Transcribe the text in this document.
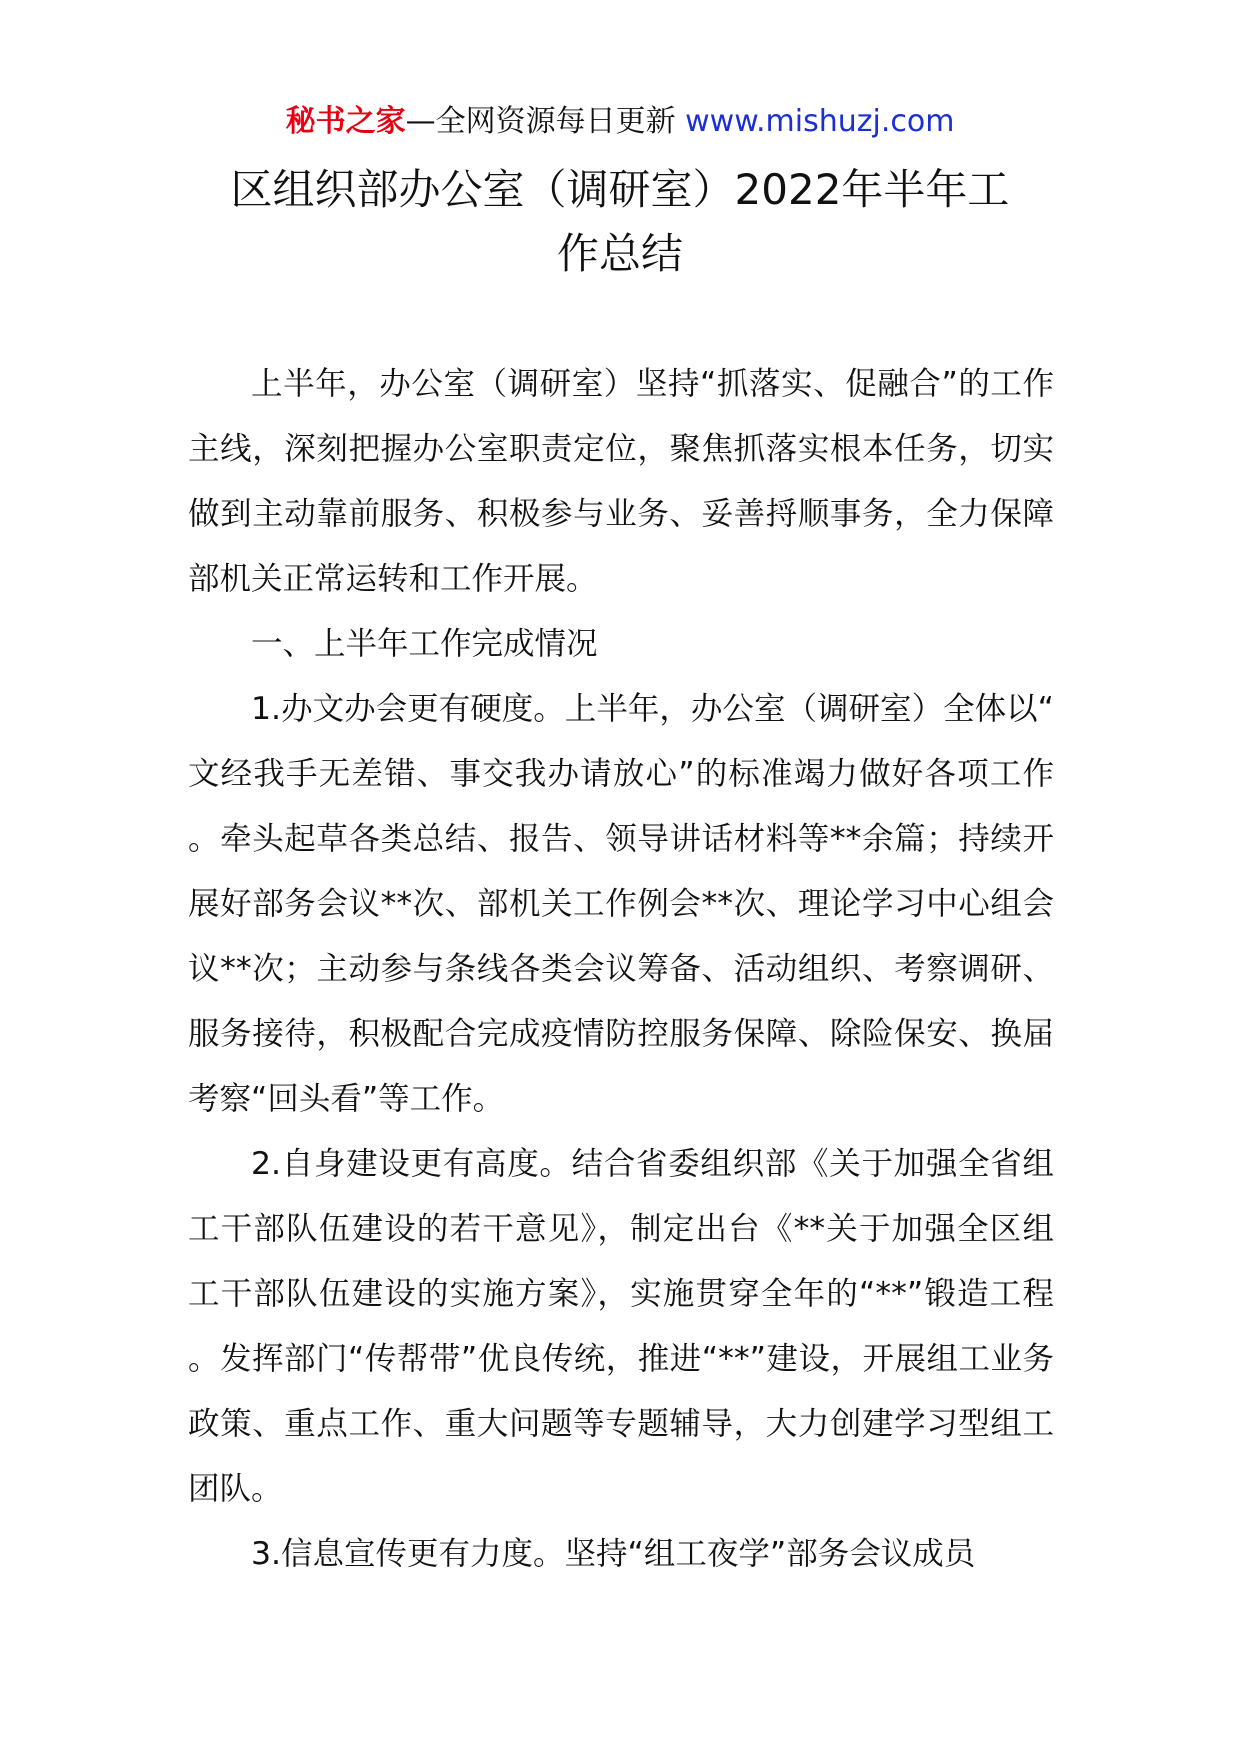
秘书之家—全网资源每日更新 www.mishuzj.com
区组织部办公室（调研室）2022年半年工
作总结

上半年，办公室（调研室）坚持“抓落实、促融合”的工作主线，深刻把握办公室职责定位，聚焦抓落实根本任务，切实做到主动靠前服务、积极参与业务、妥善捋顺事务，全力保障部机关正常运转和工作开展。

一、上半年工作完成情况

1.办文办会更有硬度。上半年，办公室（调研室）全体以“文经我手无差错、事交我办请放心”的标准竭力做好各项工作。牵头起草各类总结、报告、领导讲话材料等**余篇；持续开展好部务会议**次、部机关工作例会**次、理论学习中心组会议**次；主动参与条线各类会议筹备、活动组织、考察调研、服务接待，积极配合完成疫情防控服务保障、除险保安、换届考察“回头看”等工作。

2.自身建设更有高度。结合省委组织部《关于加强全省组工干部队伍建设的若干意见》，制定出台《**关于加强全区组工干部队伍建设的实施方案》，实施贯穿全年的“**”锻造工程。发挥部门“传帮带”优良传统，推进“**”建设，开展组工业务政策、重点工作、重大问题等专题辅导，大力创建学习型组工团队。

3.信息宣传更有力度。坚持“组工夜学”部务会议成员
